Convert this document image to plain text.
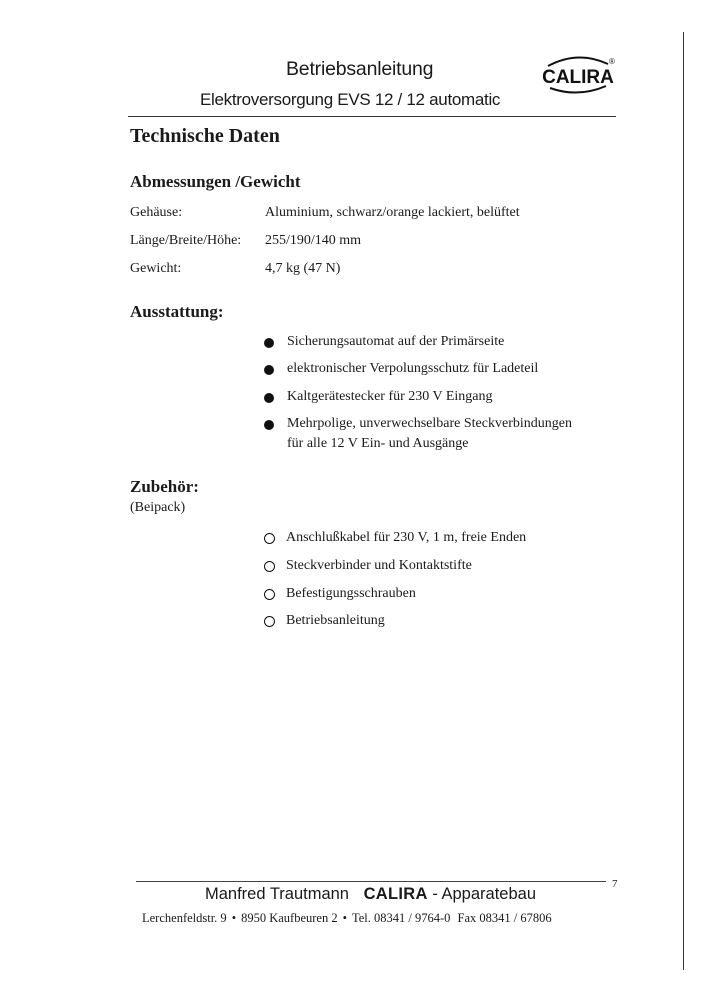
Betriebsanleitung
Elektroversorgung EVS 12 / 12 automatic
CALIRA
®
Technische Daten
Abmessungen /Gewicht
Gehäuse:	Aluminium, schwarz/orange lackiert, belüftet
Länge/Breite/Höhe: 255/190/140 mm
Gewicht:	4,7 kg (47 N)
Ausstattung:
Sicherungsautomat auf der Primärseite
elektronischer Verpolungsschutz für Ladeteil
Kaltgerätestecker für 230 V Eingang
Mehrpolige, unverwechselbare Steckverbindungen
für alle 12 V Ein- und Ausgänge
Zubehör:
(Beipack)
Anschlußkabel für 230 V, 1 m, freie Enden
Steckverbinder und Kontaktstifte
Befestigungsschrauben
Betriebsanleitung
7
Manfred Trautmann CALIRA - Apparatebau
Lerchenfeldstr. 9 • 8950 Kaufbeuren 2 • Tel. 08341 / 9764-0 Fax 08341 / 67806
